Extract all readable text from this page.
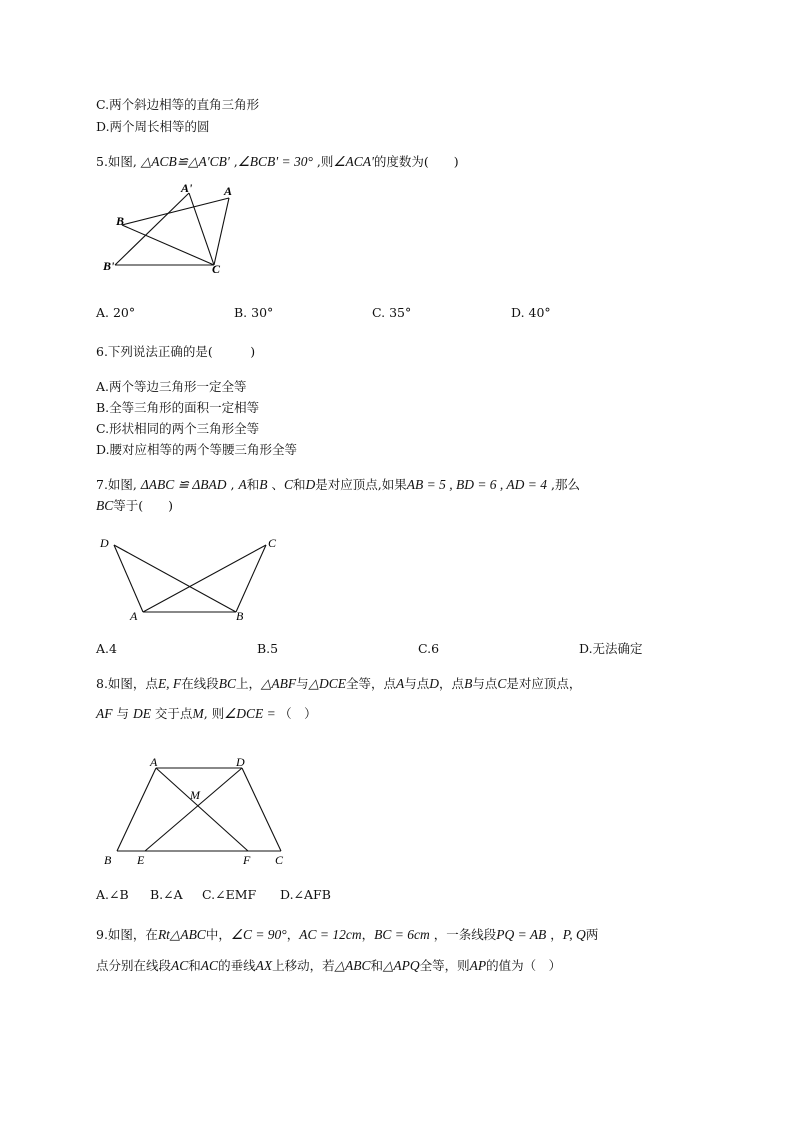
C.两个斜边相等的直角三角形
D.两个周长相等的圆
5.如图, △ACB≌△A'CB' ,∠BCB' = 30° ,则∠ACA'的度数为(　　)
A'	A
B
B'	C
A. 20°	B. 30°	C. 35°	D. 40°
6.下列说法正确的是(　　　)
A.两个等边三角形一定全等
B.全等三角形的面积一定相等
C.形状相同的两个三角形全等
D.腰对应相等的两个等腰三角形全等
7.如图, ΔABC ≌ ΔBAD , A和B 、C和D是对应顶点,如果AB = 5 , BD = 6 , AD = 4 ,那么
BC等于(　　)
D	C
A	B
A.4	B.5	C.6	D.无法确定
8.如图，点E, F在线段BC上，△ABF与△DCE全等，点A与点D，点B与点C是对应顶点，
AF 与 DE 交于点M, 则∠DCE = （　）
A	D
M
B E	F C
A.∠B B.∠A C.∠EMF D.∠AFB
9.如图，在Rt△ABC中，∠C = 90°，AC = 12cm，BC = 6cm ，一条线段PQ = AB ，P, Q两
点分别在线段AC和AC的垂线AX上移动，若△ABC和△APQ全等，则AP的值为（　）
